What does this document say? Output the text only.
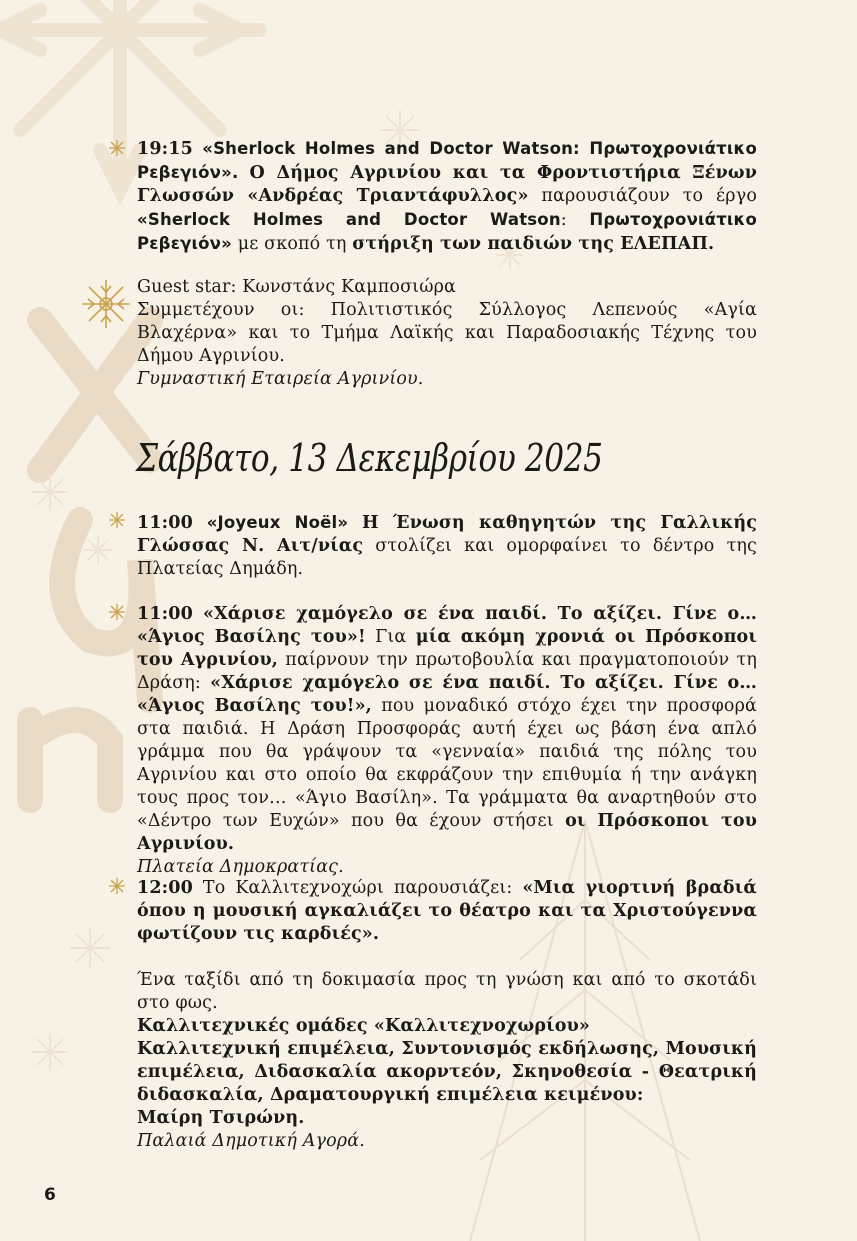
19:15 «Sherlock Holmes and Doctor Watson: Πρωτοχρονιάτικο Ρεβεγιόν». Ο Δήμος Αγρινίου και τα Φροντιστήρια Ξένων Γλωσσών «Ανδρέας Τριαντάφυλλος» παρουσιάζουν το έργο «Sherlock Holmes and Doctor Watson: Πρωτοχρονιάτικο Ρεβεγιόν» με σκοπό τη στήριξη των παιδιών της ΕΛΕΠΑΠ.
Guest star: Κωνστάνς Καμποσιώρα
Συμμετέχουν οι: Πολιτιστικός Σύλλογος Λεπενούς «Αγία Βλαχέρνα» και το Τμήμα Λαϊκής και Παραδοσιακής Τέχνης του Δήμου Αγρινίου.
Γυμναστική Εταιρεία Αγρινίου.
Σάββατο, 13 Δεκεμβρίου 2025
11:00 «Joyeux Noël» Η Ένωση καθηγητών της Γαλλικής Γλώσσας Ν. Αιτ/νίας στολίζει και ομορφαίνει το δέντρο της Πλατείας Δημάδη.
11:00 «Χάρισε χαμόγελο σε ένα παιδί. Το αξίζει. Γίνε ο… «Άγιος Βασίλης του»! Για μία ακόμη χρονιά οι Πρόσκοποι του Αγρινίου, παίρνουν την πρωτοβουλία και πραγματοποιούν τη Δράση: «Χάρισε χαμόγελο σε ένα παιδί. Το αξίζει. Γίνε ο… «Άγιος Βασίλης του!», που μοναδικό στόχο έχει την προσφορά στα παιδιά. Η Δράση Προσφοράς αυτή έχει ως βάση ένα απλό γράμμα που θα γράψουν τα «γενναία» παιδιά της πόλης του Αγρινίου και στο οποίο θα εκφράζουν την επιθυμία ή την ανάγκη τους προς τον… «Άγιο Βασίλη». Τα γράμματα θα αναρτηθούν στο «Δέντρο των Ευχών» που θα έχουν στήσει οι Πρόσκοποι του Αγρινίου.
Πλατεία Δημοκρατίας.
12:00 Το Καλλιτεχνοχώρι παρουσιάζει: «Μια γιορτινή βραδιά όπου η μουσική αγκαλιάζει το θέατρο και τα Χριστούγεννα φωτίζουν τις καρδιές».
Ένα ταξίδι από τη δοκιμασία προς τη γνώση και από το σκοτάδι στο φως.
Καλλιτεχνικές ομάδες «Καλλιτεχνοχωρίου»
Καλλιτεχνική επιμέλεια, Συντονισμός εκδήλωσης, Μουσική επιμέλεια, Διδασκαλία ακορντεόν, Σκηνοθεσία - Θεατρική διδασκαλία, Δραματουργική επιμέλεια κειμένου:
Μαίρη Τσιρώνη.
Παλαιά Δημοτική Αγορά.
6
